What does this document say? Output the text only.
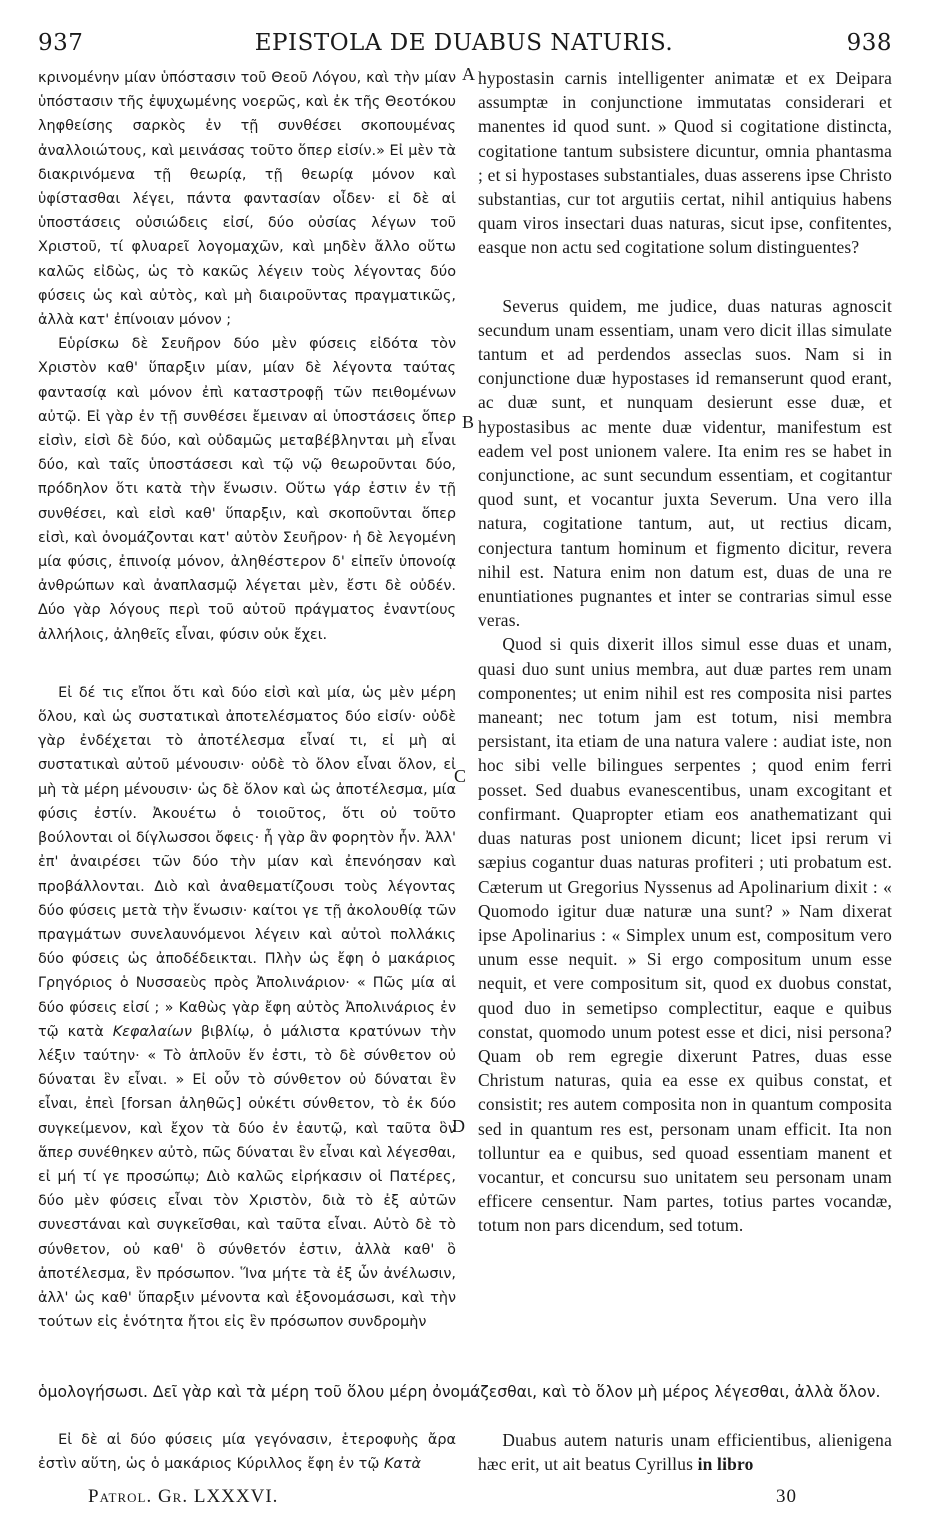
937	EPISTOLA DE DUABUS NATURIS.	938

κρινομένην μίαν ὑπόστασιν τοῦ Θεοῦ Λόγου, καὶ τὴν μίαν ὑπόστασιν τῆς ἐψυχωμένης νοερῶς, καὶ ἐκ τῆς Θεοτόκου ληφθείσης σαρκὸς ἐν τῇ συνθέσει σκοπουμένας ἀναλλοιώτους, καὶ μεινάσας τοῦτο ὅπερ εἰσίν.» Εἰ μὲν τὰ διακρινόμενα τῇ θεωρίᾳ, τῇ θεωρίᾳ μόνον καὶ ὑφίστασθαι λέγει, πάντα φαντασίαν οἶδεν· εἰ δὲ αἱ ὑποστάσεις οὐσιώδεις εἰσί, δύο οὐσίας λέγων τοῦ Χριστοῦ, τί φλυαρεῖ λογομαχῶν, καὶ μηδὲν ἄλλο οὕτω καλῶς εἰδὼς, ὡς τὸ κακῶς λέγειν τοὺς λέγοντας δύο φύσεις ὡς καὶ αὐτὸς, καὶ μὴ διαιροῦντας πραγματικῶς, ἀλλὰ κατ' ἐπίνοιαν μόνον ;

Εὑρίσκω δὲ Σευῆρον δύο μὲν φύσεις εἰδότα τὸν Χριστὸν καθ' ὕπαρξιν μίαν, μίαν δὲ λέγοντα ταύτας φαντασίᾳ καὶ μόνον ἐπὶ καταστροφῇ τῶν πειθομένων αὐτῷ. Εἰ γὰρ ἐν τῇ συνθέσει ἔμειναν αἱ ὑποστάσεις ὅπερ εἰσὶν, εἰσὶ δὲ δύο, καὶ οὐδαμῶς μεταβέβληνται μὴ εἶναι δύο, καὶ ταῖς ὑποστάσεσι καὶ τῷ νῷ θεωροῦνται δύο, πρόδηλον ὅτι κατὰ τὴν ἕνωσιν. Οὕτω γάρ ἐστιν ἐν τῇ συνθέσει, καὶ εἰσὶ καθ' ὕπαρξιν, καὶ σκοποῦνται ὅπερ εἰσὶ, καὶ ὀνομάζονται κατ' αὐτὸν Σευῆρον· ἡ δὲ λεγομένη μία φύσις, ἐπινοίᾳ μόνον, ἀληθέστερον δ' εἰπεῖν ὑπονοίᾳ ἀνθρώπων καὶ ἀναπλασμῷ λέγεται μὲν, ἔστι δὲ οὐδέν. Δύο γὰρ λόγους περὶ τοῦ αὐτοῦ πράγματος ἐναντίους ἀλλήλοις, ἀληθεῖς εἶναι, φύσιν οὐκ ἔχει.

Εἰ δέ τις εἴποι ὅτι καὶ δύο εἰσὶ καὶ μία, ὡς μὲν μέρη ὅλου, καὶ ὡς συστατικαὶ ἀποτελέσματος δύο εἰσίν· οὐδὲ γὰρ ἐνδέχεται τὸ ἀποτέλεσμα εἶναί τι, εἰ μὴ αἱ συστατικαὶ αὐτοῦ μένουσιν· οὐδὲ τὸ ὅλον εἶναι ὅλον, εἰ μὴ τὰ μέρη μένουσιν· ὡς δὲ ὅλον καὶ ὡς ἀποτέλεσμα, μία φύσις ἐστίν. Ἀκουέτω ὁ τοιοῦτος, ὅτι οὐ τοῦτο βούλονται οἱ δίγλωσσοι ὄφεις· ἦ γὰρ ἂν φορητὸν ἦν. Ἀλλ' ἐπ' ἀναιρέσει τῶν δύο τὴν μίαν καὶ ἐπενόησαν καὶ προβάλλονται. Διὸ καὶ ἀναθεματίζουσι τοὺς λέγοντας δύο φύσεις μετὰ τὴν ἕνωσιν· καίτοι γε τῇ ἀκολουθίᾳ τῶν πραγμάτων συνελαυνόμενοι λέγειν καὶ αὐτοὶ πολλάκις δύο φύσεις ὡς ἀποδέδεικται. Πλὴν ὡς ἔφη ὁ μακάριος Γρηγόριος ὁ Νυσσαεὺς πρὸς Ἀπολινάριον· « Πῶς μία αἱ δύο φύσεις εἰσί ; » Καθὼς γὰρ ἔφη αὐτὸς Ἀπολινάριος ἐν τῷ κατὰ Κεφαλαίων βιβλίῳ, ὁ μάλιστα κρατύνων τὴν λέξιν ταύτην· « Τὸ ἁπλοῦν ἕν ἐστι, τὸ δὲ σύνθετον οὐ δύναται ἓν εἶναι. » Εἰ οὖν τὸ σύνθετον οὐ δύναται ἓν εἶναι, ἐπεὶ [forsan ἀληθῶς] οὐκέτι σύνθετον, τὸ ἐκ δύο συγκείμενον, καὶ ἔχον τὰ δύο ἐν ἑαυτῷ, καὶ ταῦτα ὃν ἅπερ συνέθηκεν αὐτὸ, πῶς δύναται ἓν εἶναι καὶ λέγεσθαι, εἰ μή τί γε προσώπῳ; Διὸ καλῶς εἰρήκασιν οἱ Πατέρες, δύο μὲν φύσεις εἶναι τὸν Χριστὸν, διὰ τὸ ἐξ αὐτῶν συνεστάναι καὶ συγκεῖσθαι, καὶ ταῦτα εἶναι. Αὐτὸ δὲ τὸ σύνθετον, οὐ καθ' ὃ σύνθετόν ἐστιν, ἀλλὰ καθ' ὃ ἀποτέλεσμα, ἓν πρόσωπον. Ἵνα μήτε τὰ ἐξ ὧν ἀνέλωσιν, ἀλλ' ὡς καθ' ὕπαρξιν μένοντα καὶ ἐξονομάσωσι, καὶ τὴν τούτων εἰς ἑνότητα ἤτοι εἰς ἓν πρόσωπον συνδρομὴν

hypostasin carnis intelligenter animatæ et ex Deipara assumptæ in conjunctione immutatas considerari et manentes id quod sunt. » Quod si cogitatione distincta, cogitatione tantum subsistere dicuntur, omnia phantasma ; et si hypostases substantiales, duas asserens ipse Christo substantias, cur tot argutiis certat, nihil antiquius habens quam viros insectari duas naturas, sicut ipse, confitentes, easque non actu sed cogitatione solum distinguentes?

Severus quidem, me judice, duas naturas agnoscit secundum unam essentiam, unam vero dicit illas simulate tantum et ad perdendos asseclas suos. Nam si in conjunctione duæ hypostases id remanserunt quod erant, ac duæ sunt, et nunquam desierunt esse duæ, et hypostasibus ac mente duæ videntur, manifestum est eadem vel post unionem valere. Ita enim res se habet in conjunctione, ac sunt secundum essentiam, et cogitantur quod sunt, et vocantur juxta Severum. Una vero illa natura, cogitatione tantum, aut, ut rectius dicam, conjectura tantum hominum et figmento dicitur, revera nihil est. Natura enim non datum est, duas de una re enuntiationes pugnantes et inter se contrarias simul esse veras.

Quod si quis dixerit illos simul esse duas et unam, quasi duo sunt unius membra, aut duæ partes rem unam componentes; ut enim nihil est res composita nisi partes maneant; nec totum jam est totum, nisi membra persistant, ita etiam de una natura valere : audiat iste, non hoc sibi velle bilingues serpentes ; quod enim ferri posset. Sed duabus evanescentibus, unam excogitant et confirmant. Quapropter etiam eos anathematizant qui duas naturas post unionem dicunt; licet ipsi rerum vi sæpius cogantur duas naturas profiteri ; uti probatum est. Cæterum ut Gregorius Nyssenus ad Apolinarium dixit : « Quomodo igitur duæ naturæ una sunt? » Nam dixerat ipse Apolinarius : « Simplex unum est, compositum vero unum esse nequit. » Si ergo compositum unum esse nequit, et vere compositum sit, quod ex duobus constat, quod duo in semetipso complectitur, eaque e quibus constat, quomodo unum potest esse et dici, nisi persona? Quam ob rem egregie dixerunt Patres, duas esse Christum naturas, quia ea esse ex quibus constat, et consistit; res autem composita non in quantum composita sed in quantum res est, personam unam efficit. Ita non tolluntur ea e quibus, sed quoad essentiam manent et vocantur, et concursu suo unitatem seu personam unam efficere censentur. Nam partes, totius partes vocandæ, totum non pars dicendum, sed totum.

A
B
C
D
ὁμολογήσωσι. Δεῖ γὰρ καὶ τὰ μέρη τοῦ ὅλου μέρη ὀνομάζεσθαι, καὶ τὸ ὅλον μὴ μέρος λέγεσθαι, ἀλλὰ ὅλον.

Εἰ δὲ αἱ δύο φύσεις μία γεγόνασιν, ἑτεροφυὴς ἄρα ἐστὶν αὕτη, ὡς ὁ μακάριος Κύριλλος ἔφη ἐν τῷ Κατὰ

Duabus autem naturis unam efficientibus, alienigena hæc erit, ut ait beatus Cyrillus in libro

Patrol. Gr. LXXXVI.	30
